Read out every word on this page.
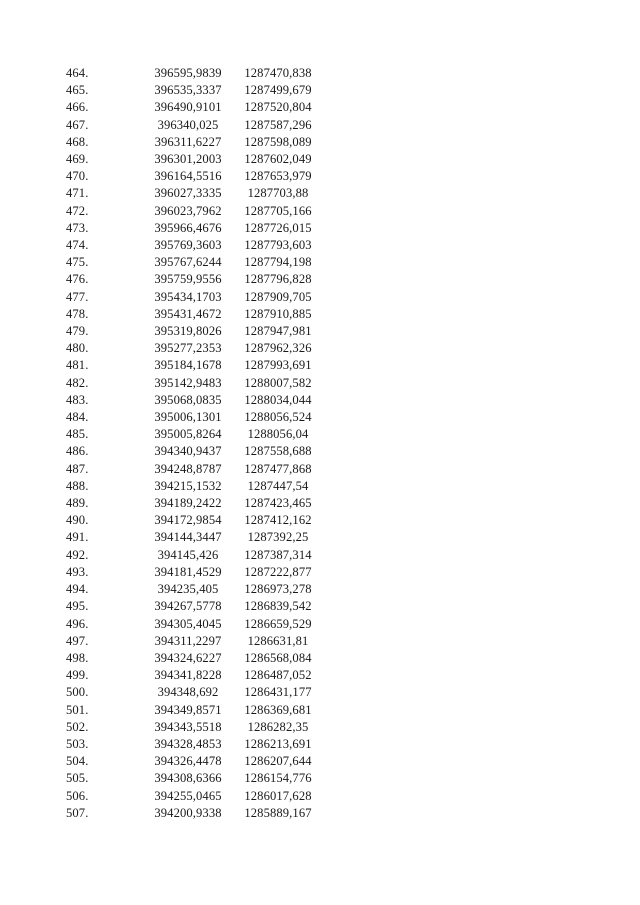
464.	396595,9839	1287470,838
465.	396535,3337	1287499,679
466.	396490,9101	1287520,804
467.	396340,025	1287587,296
468.	396311,6227	1287598,089
469.	396301,2003	1287602,049
470.	396164,5516	1287653,979
471.	396027,3335	1287703,88
472.	396023,7962	1287705,166
473.	395966,4676	1287726,015
474.	395769,3603	1287793,603
475.	395767,6244	1287794,198
476.	395759,9556	1287796,828
477.	395434,1703	1287909,705
478.	395431,4672	1287910,885
479.	395319,8026	1287947,981
480.	395277,2353	1287962,326
481.	395184,1678	1287993,691
482.	395142,9483	1288007,582
483.	395068,0835	1288034,044
484.	395006,1301	1288056,524
485.	395005,8264	1288056,04
486.	394340,9437	1287558,688
487.	394248,8787	1287477,868
488.	394215,1532	1287447,54
489.	394189,2422	1287423,465
490.	394172,9854	1287412,162
491.	394144,3447	1287392,25
492.	394145,426	1287387,314
493.	394181,4529	1287222,877
494.	394235,405	1286973,278
495.	394267,5778	1286839,542
496.	394305,4045	1286659,529
497.	394311,2297	1286631,81
498.	394324,6227	1286568,084
499.	394341,8228	1286487,052
500.	394348,692	1286431,177
501.	394349,8571	1286369,681
502.	394343,5518	1286282,35
503.	394328,4853	1286213,691
504.	394326,4478	1286207,644
505.	394308,6366	1286154,776
506.	394255,0465	1286017,628
507.	394200,9338	1285889,167
